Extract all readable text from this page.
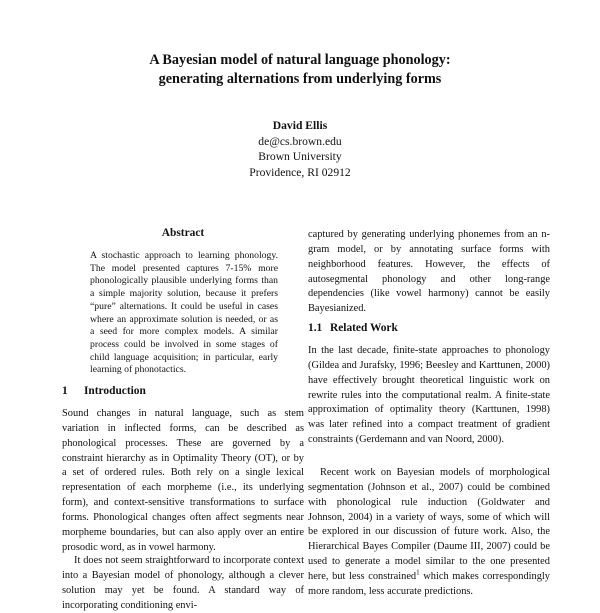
A Bayesian model of natural language phonology:
generating alternations from underlying forms
David Ellis
de@cs.brown.edu
Brown University
Providence, RI 02912
Abstract

A stochastic approach to learning phonology. The model presented captures 7-15% more phonologically plausible underlying forms than a simple majority solution, because it prefers “pure” alternations. It could be useful in cases where an approximate solution is needed, or as a seed for more complex models. A similar process could be involved in some stages of child language acquisition; in particular, early learning of phonotactics.

1 Introduction

Sound changes in natural language, such as stem variation in inflected forms, can be described as phonological processes. These are governed by a constraint hierarchy as in Optimality Theory (OT), or by a set of ordered rules. Both rely on a single lexical representation of each morpheme (i.e., its underlying form), and context-sensitive transformations to surface forms. Phonological changes often affect segments near morpheme boundaries, but can also apply over an entire prosodic word, as in vowel harmony.

It does not seem straightforward to incorporate context into a Bayesian model of phonology, although a clever solution may yet be found. A standard way of incorporating conditioning envi-

captured by generating underlying phonemes from an n-gram model, or by annotating surface forms with neighborhood features. However, the effects of autosegmental phonology and other long-range dependencies (like vowel harmony) cannot be easily Bayesianized.

1.1 Related Work

In the last decade, finite-state approaches to phonology (Gildea and Jurafsky, 1996; Beesley and Karttunen, 2000) have effectively brought theoretical linguistic work on rewrite rules into the computational realm. A finite-state approximation of optimality theory (Karttunen, 1998) was later refined into a compact treatment of gradient constraints (Gerdemann and van Noord, 2000).

Recent work on Bayesian models of morphological segmentation (Johnson et al., 2007) could be combined with phonological rule induction (Goldwater and Johnson, 2004) in a variety of ways, some of which will be explored in our discussion of future work. Also, the Hierarchical Bayes Compiler (Daume III, 2007) could be used to generate a model similar to the one presented here, but less constrained$^1$ which makes correspondingly more random, less accurate predictions.
